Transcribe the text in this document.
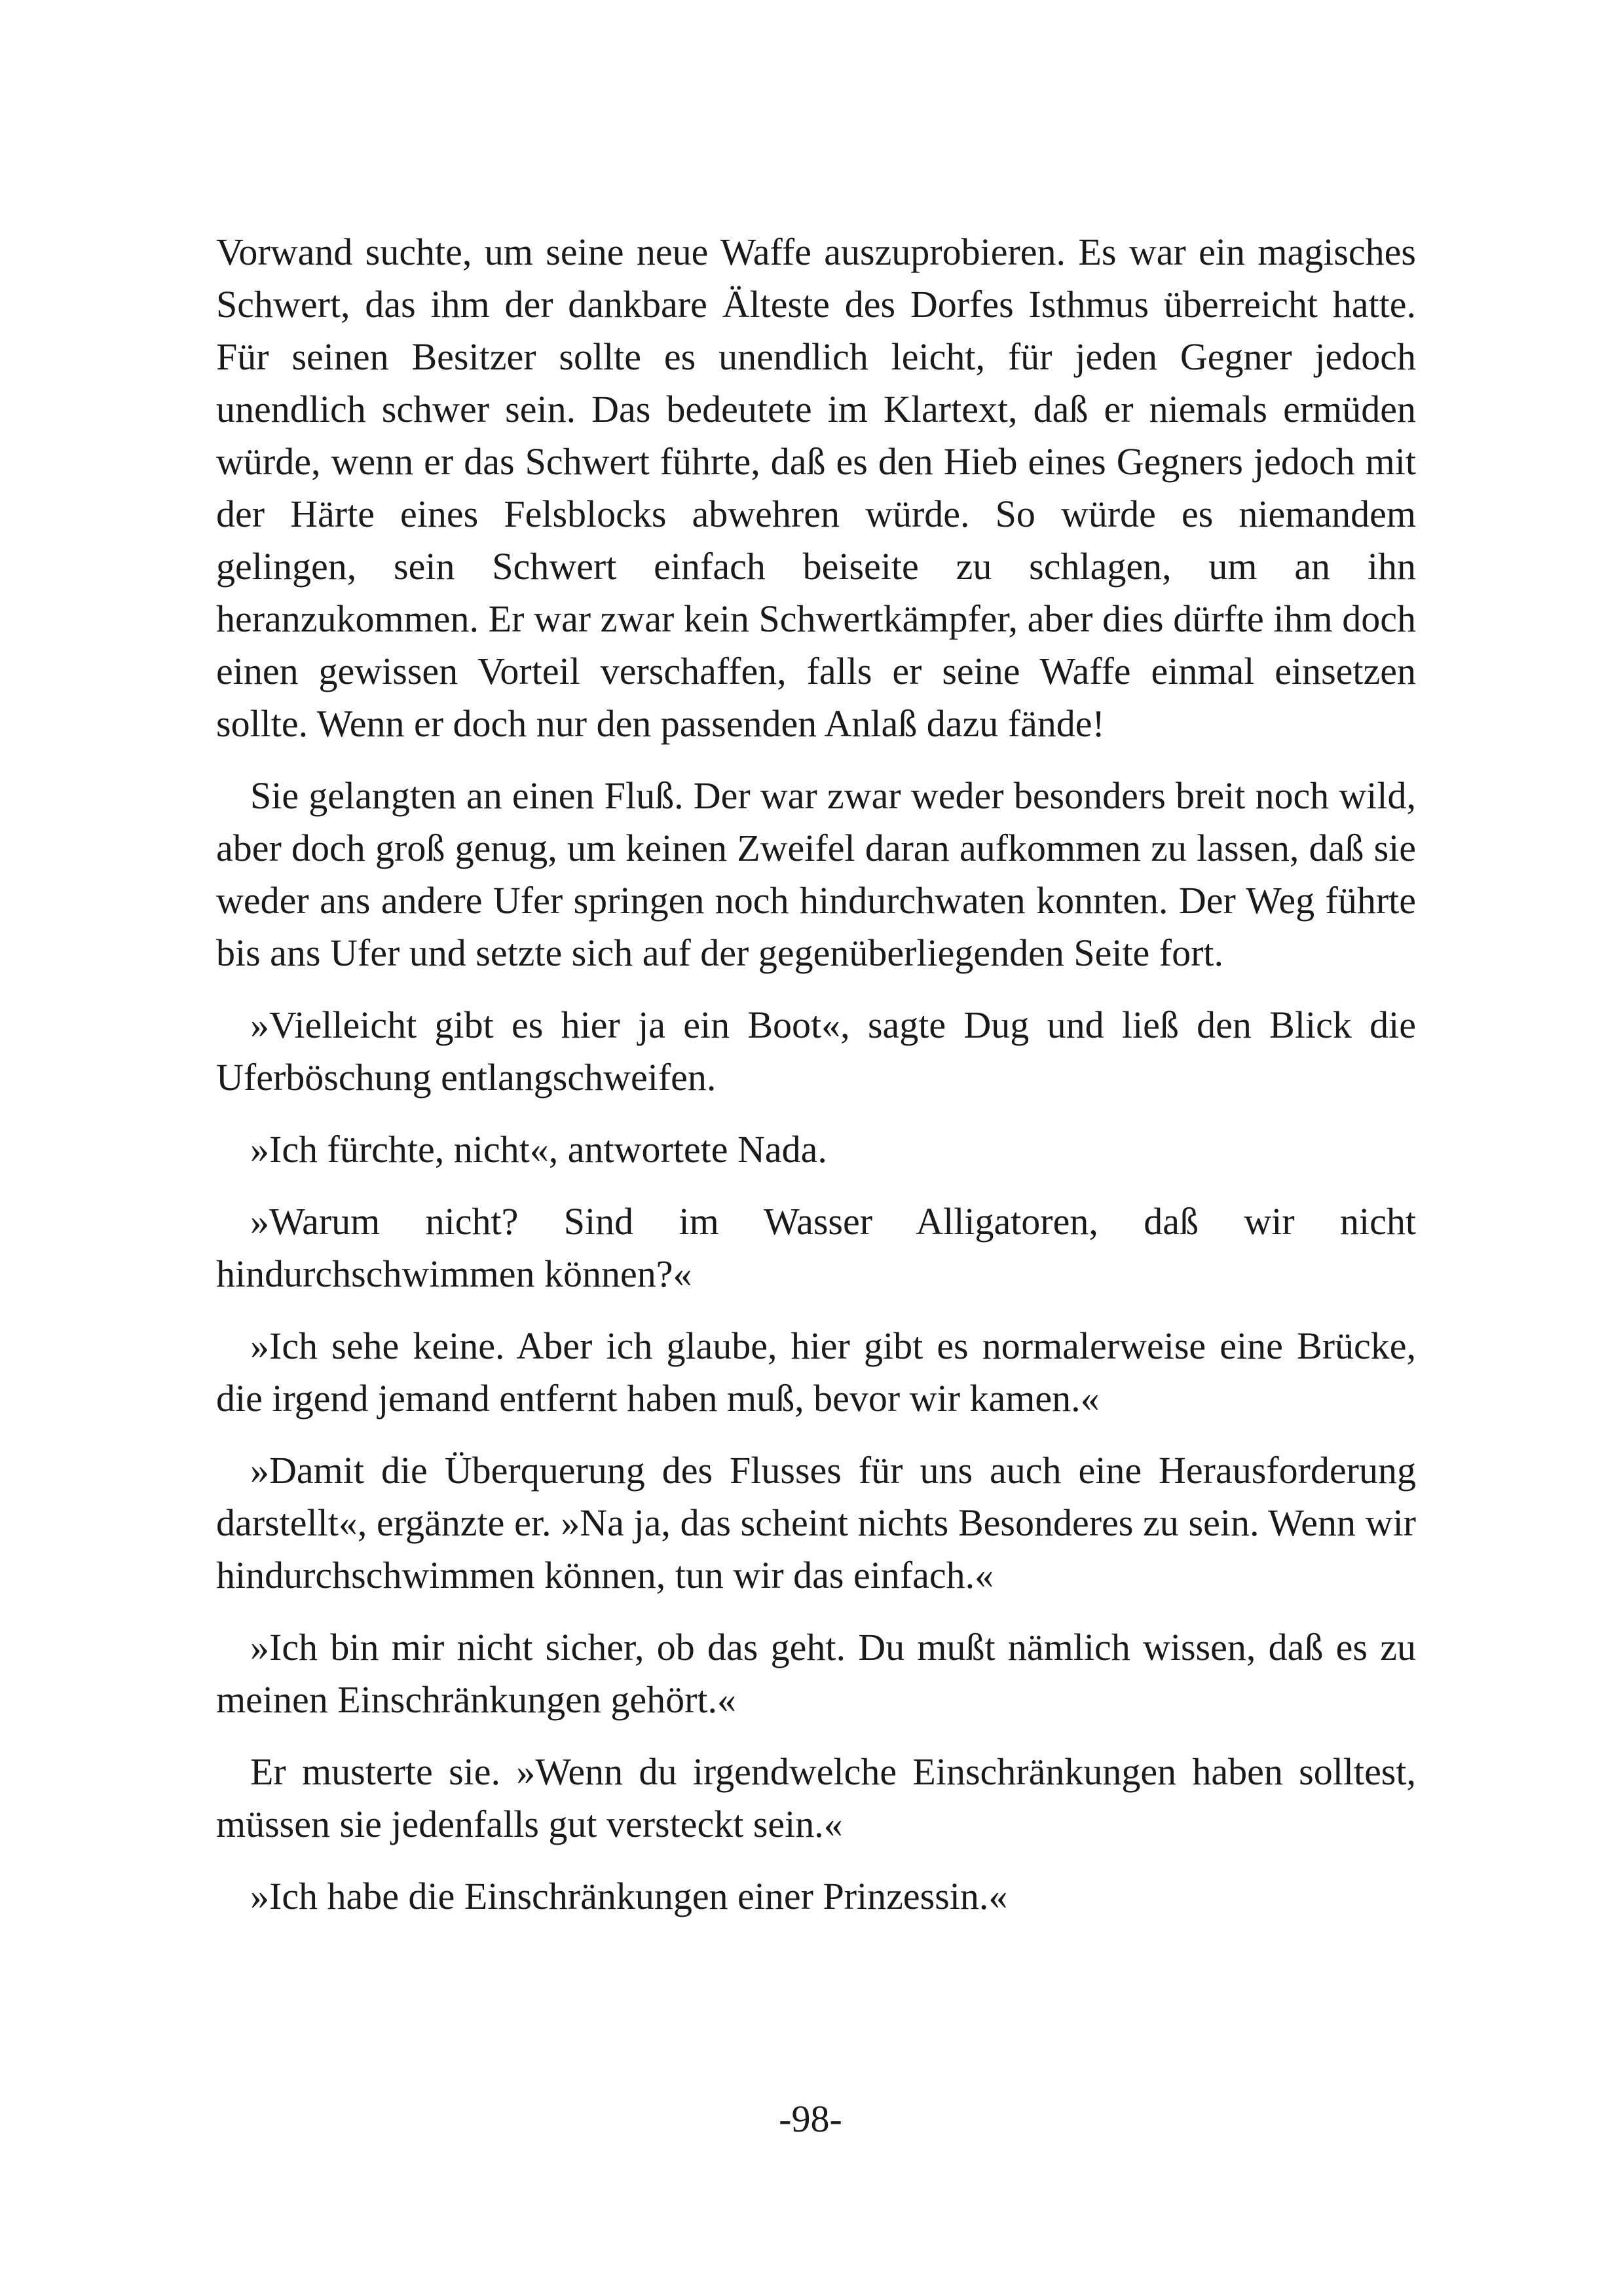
Vorwand suchte, um seine neue Waffe auszuprobieren. Es war ein magisches Schwert, das ihm der dankbare Älteste des Dorfes Isthmus überreicht hatte. Für seinen Besitzer sollte es unendlich leicht, für jeden Gegner jedoch unendlich schwer sein. Das bedeutete im Klartext, daß er niemals ermüden würde, wenn er das Schwert führte, daß es den Hieb eines Gegners jedoch mit der Härte eines Felsblocks abwehren würde. So würde es niemandem gelingen, sein Schwert einfach beiseite zu schlagen, um an ihn heranzukommen. Er war zwar kein Schwertkämpfer, aber dies dürfte ihm doch einen gewissen Vorteil verschaffen, falls er seine Waffe einmal einsetzen sollte. Wenn er doch nur den passenden Anlaß dazu fände!

Sie gelangten an einen Fluß. Der war zwar weder besonders breit noch wild, aber doch groß genug, um keinen Zweifel daran aufkommen zu lassen, daß sie weder ans andere Ufer springen noch hindurchwaten konnten. Der Weg führte bis ans Ufer und setzte sich auf der gegenüberliegenden Seite fort.

»Vielleicht gibt es hier ja ein Boot«, sagte Dug und ließ den Blick die Uferböschung entlangschweifen.

»Ich fürchte, nicht«, antwortete Nada.

»Warum nicht? Sind im Wasser Alligatoren, daß wir nicht hindurchschwimmen können?«

»Ich sehe keine. Aber ich glaube, hier gibt es normalerweise eine Brücke, die irgend jemand entfernt haben muß, bevor wir kamen.«

»Damit die Überquerung des Flusses für uns auch eine Herausforderung darstellt«, ergänzte er. »Na ja, das scheint nichts Besonderes zu sein. Wenn wir hindurchschwimmen können, tun wir das einfach.«

»Ich bin mir nicht sicher, ob das geht. Du mußt nämlich wissen, daß es zu meinen Einschränkungen gehört.«

Er musterte sie. »Wenn du irgendwelche Einschränkungen haben solltest, müssen sie jedenfalls gut versteckt sein.«

»Ich habe die Einschränkungen einer Prinzessin.«

-98-
